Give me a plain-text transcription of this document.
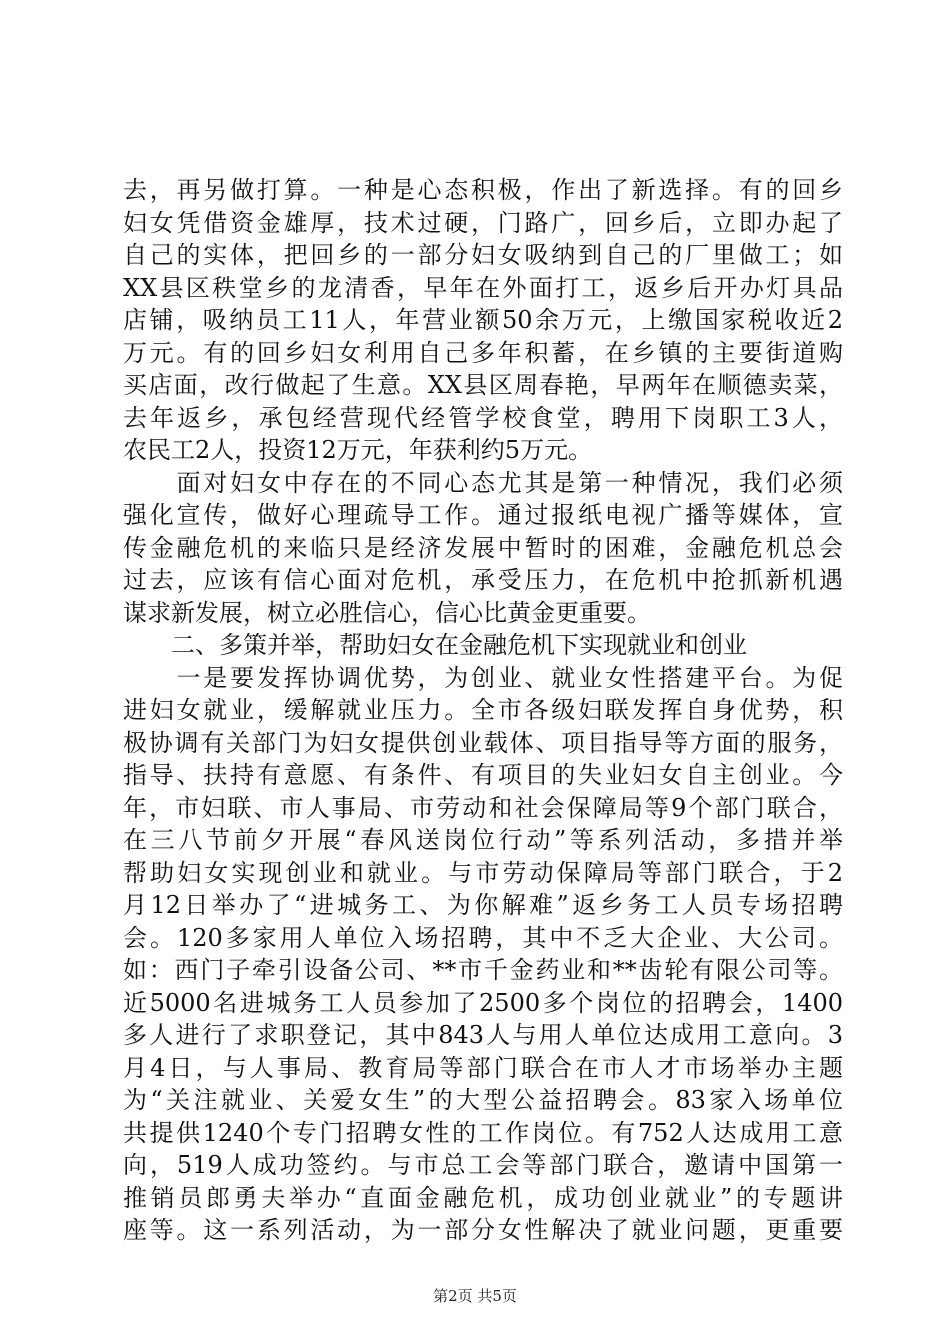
去，再另做打算。一种是心态积极，作出了新选择。有的回乡
妇女凭借资金雄厚，技术过硬，门路广，回乡后，立即办起了
自己的实体，把回乡的一部分妇女吸纳到自己的厂里做工；如
XX县区秩堂乡的龙清香，早年在外面打工，返乡后开办灯具品
店铺，吸纳员工11人，年营业额50余万元，上缴国家税收近2
万元。有的回乡妇女利用自己多年积蓄，在乡镇的主要街道购
买店面，改行做起了生意。XX县区周春艳，早两年在顺德卖菜，
去年返乡，承包经营现代经管学校食堂，聘用下岗职工3人，
农民工2人，投资12万元，年获利约5万元。
　　面对妇女中存在的不同心态尤其是第一种情况，我们必须
强化宣传，做好心理疏导工作。通过报纸电视广播等媒体，宣
传金融危机的来临只是经济发展中暂时的困难，金融危机总会
过去，应该有信心面对危机，承受压力，在危机中抢抓新机遇
谋求新发展，树立必胜信心，信心比黄金更重要。
　　二、多策并举，帮助妇女在金融危机下实现就业和创业
　　一是要发挥协调优势，为创业、就业女性搭建平台。为促
进妇女就业，缓解就业压力。全市各级妇联发挥自身优势，积
极协调有关部门为妇女提供创业载体、项目指导等方面的服务，
指导、扶持有意愿、有条件、有项目的失业妇女自主创业。今
年，市妇联、市人事局、市劳动和社会保障局等9个部门联合，
在三八节前夕开展“春风送岗位行动”等系列活动，多措并举
帮助妇女实现创业和就业。与市劳动保障局等部门联合，于2
月12日举办了“进城务工、为你解难”返乡务工人员专场招聘
会。120多家用人单位入场招聘，其中不乏大企业、大公司。
如：西门子牵引设备公司、**市千金药业和**齿轮有限公司等。
近5000名进城务工人员参加了2500多个岗位的招聘会，1400
多人进行了求职登记，其中843人与用人单位达成用工意向。3
月4日，与人事局、教育局等部门联合在市人才市场举办主题
为“关注就业、关爱女生”的大型公益招聘会。83家入场单位
共提供1240个专门招聘女性的工作岗位。有752人达成用工意
向，519人成功签约。与市总工会等部门联合，邀请中国第一
推销员郎勇夫举办“直面金融危机，成功创业就业”的专题讲
座等。这一系列活动，为一部分女性解决了就业问题，更重要
第2页 共5页
